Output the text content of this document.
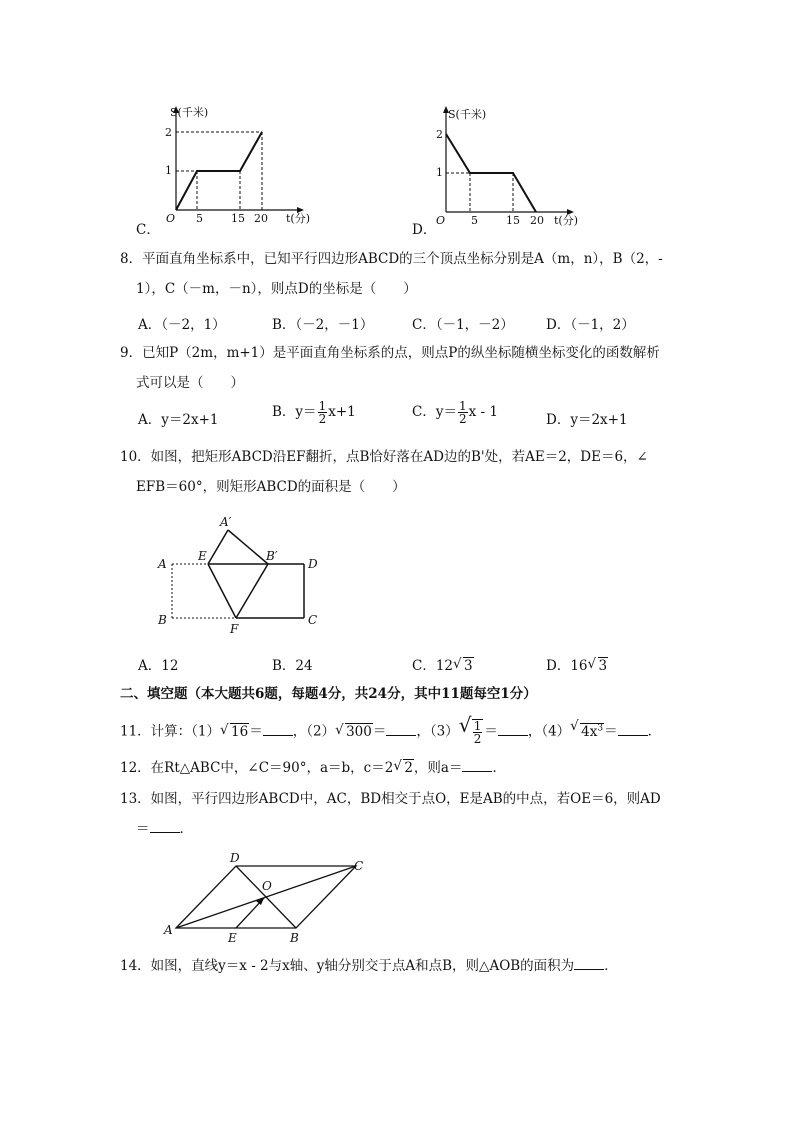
C．
S(千米)
t(分)
O
2
1
5	15 20
D．
S(千米)
t(分)
O
2
1
5	15 20
8．平面直角坐标系中，已知平行四边形ABCD的三个顶点坐标分别是A（m，n），B（2，-
1），C（－m，－n），则点D的坐标是（　　）
A．（－2，1）	B．（－2，－1）	C．（－1，－2） D．（－1，2）
9．已知P（2m，m+1）是平面直角坐标系的点，则点P的纵坐标随横坐标变化的函数解析
式可以是（　　）
A．y＝2x+1	B．$y= \frac{1}{2} x+1$	C．$y= \frac{1}{2}$ x - 1	D．y＝2x+1
10．如图，把矩形ABCD沿EF翻折，点B恰好落在AD边的B'处，若AE＝2，DE＝6，∠
EFB＝60°，则矩形ABCD的面积是（　　）
A′
A
E	B′
D
B
F
C
A．12	B．24	C．12 √ 3	D．16 √ 3
二、填空题（本大题共6题，每题4分，共24分，其中11题每空1分）
11．计算：（1） √ 16＝ ，（2） √ 300＝ ，（3） √ $\frac{1}{2}$ ＝ ，（4） √ $4x^3=$ ．
12．在Rt△ABC中，∠C＝90°，a＝b，c＝2 √ 2，则a＝ ．
13．如图，平行四边形ABCD中，AC，BD相交于点O，E是AB的中点，若OE＝6，则AD
＝ ．
D
C
O
A
E	B
14．如图，直线y＝x - 2与x轴、y轴分别交于点A和点B，则△AOB的面积为 ．
